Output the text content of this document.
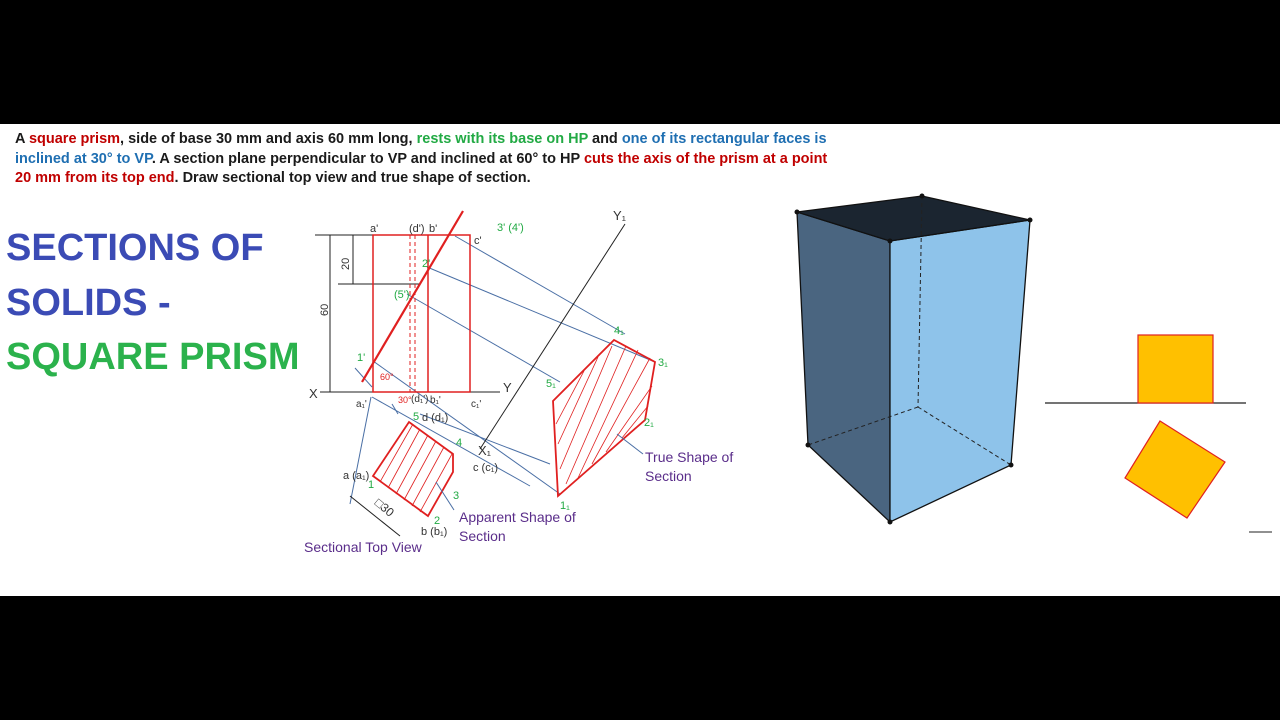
A square prism, side of base 30 mm and axis 60 mm long, rests with its base on HP and one of its rectangular faces is inclined at 30° to VP. A section plane perpendicular to VP and inclined at 60° to HP cuts the axis of the prism at a point 20 mm from its top end. Draw sectional top view and true shape of section.
SECTIONS OF
SOLIDS -
SQUARE PRISM
X	Y
X₁
Y₁
60
20
□30
60°
30°
a'	(d') b'
c'
3' (4')
2'
(5')
1'
a₁'	(d₁') b₁'	c₁'
5 d (d₁)
4
c (c₁)
a (a₁)
1
3
2
b (b₁)
4₁
3₁
5₁
2₁
1₁
True Shape of
Section
Apparent Shape of
Section
Sectional Top View
